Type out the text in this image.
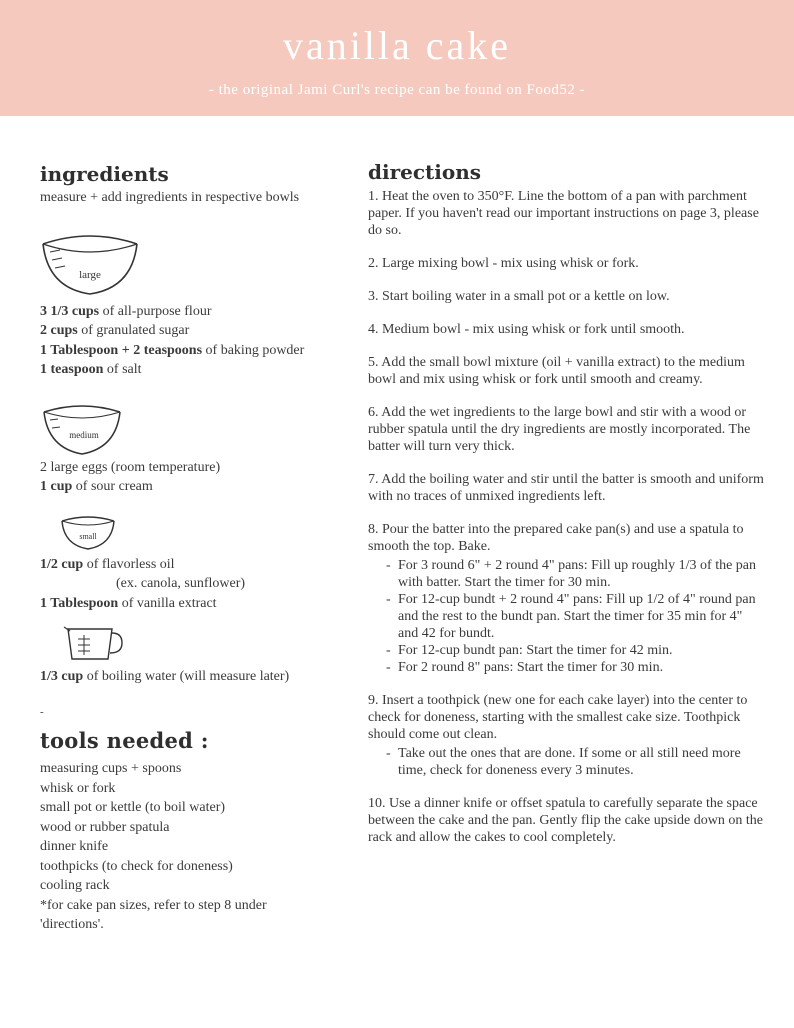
vanilla cake
- the original Jami Curl's recipe can be found on Food52 -
ingredients
measure + add ingredients in respective bowls
large
3 1/3 cups of all-purpose flour
2 cups of granulated sugar
1 Tablespoon + 2 teaspoons of baking powder
1 teaspoon of salt
medium
2 large eggs (room temperature)
1 cup of sour cream
small
1/2 cup of flavorless oil
(ex. canola, sunflower)
1 Tablespoon of vanilla extract
1/3 cup of boiling water (will measure later)
-
tools needed :
measuring cups + spoons
whisk or fork
small pot or kettle (to boil water)
wood or rubber spatula
dinner knife
toothpicks (to check for doneness)
cooling rack
*for cake pan sizes, refer to step 8 under
'directions'.
directions

1. Heat the oven to 350°F. Line the bottom of a pan with parchment paper. If you haven't read our important instructions on page 3, please do so.

2. Large mixing bowl - mix using whisk or fork.

3. Start boiling water in a small pot or a kettle on low.

4. Medium bowl - mix using whisk or fork until smooth.

5. Add the small bowl mixture (oil + vanilla extract) to the medium bowl and mix using whisk or fork until smooth and creamy.

6. Add the wet ingredients to the large bowl and stir with a wood or rubber spatula until the dry ingredients are mostly incorporated. The batter will turn very thick.

7. Add the boiling water and stir until the batter is smooth and uniform with no traces of unmixed ingredients left.

8. Pour the batter into the prepared cake pan(s) and use a spatula to smooth the top. Bake.

- For 3 round 6" + 2 round 4" pans: Fill up roughly 1/3 of the pan with batter. Start the timer for 30 min.

- For 12-cup bundt + 2 round 4" pans: Fill up 1/2 of 4" round pan and the rest to the bundt pan. Start the timer for 35 min for 4" and 42 for bundt.

- For 12-cup bundt pan: Start the timer for 42 min.

- For 2 round 8" pans: Start the timer for 30 min.

9. Insert a toothpick (new one for each cake layer) into the center to check for doneness, starting with the smallest cake size. Toothpick should come out clean.

- Take out the ones that are done. If some or all still need more time, check for doneness every 3 minutes.

10. Use a dinner knife or offset spatula to carefully separate the space between the cake and the pan. Gently flip the cake upside down on the rack and allow the cakes to cool completely.
